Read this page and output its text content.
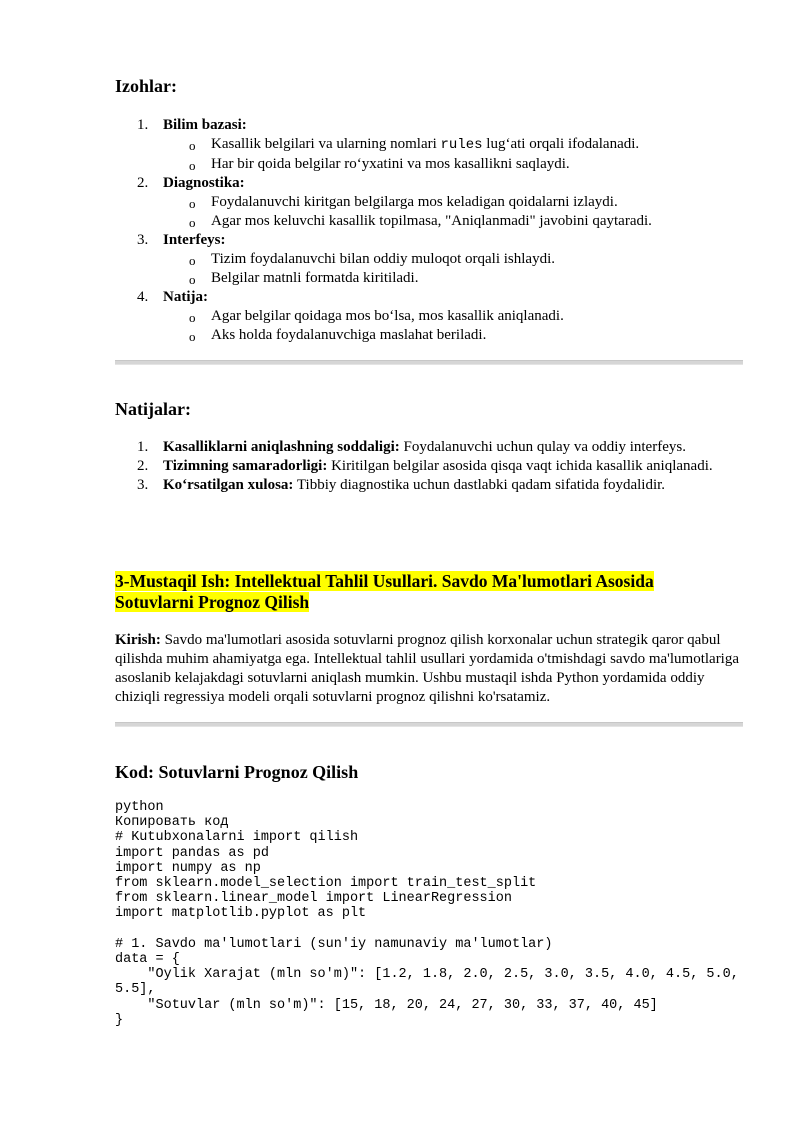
Izohlar:
1. Bilim bazasi:
o Kasallik belgilari va ularning nomlari rules lug‘ati orqali ifodalanadi.
o Har bir qoida belgilar ro‘yxatini va mos kasallikni saqlaydi.
2. Diagnostika:
o Foydalanuvchi kiritgan belgilarga mos keladigan qoidalarni izlaydi.
o Agar mos keluvchi kasallik topilmasa, "Aniqlanmadi" javobini qaytaradi.
3. Interfeys:
o Tizim foydalanuvchi bilan oddiy muloqot orqali ishlaydi.
o Belgilar matnli formatda kiritiladi.
4. Natija:
o Agar belgilar qoidaga mos bo‘lsa, mos kasallik aniqlanadi.
o Aks holda foydalanuvchiga maslahat beriladi.
Natijalar:
1. Kasalliklarni aniqlashning soddaligi: Foydalanuvchi uchun qulay va oddiy interfeys.
2. Tizimning samaradorligi: Kiritilgan belgilar asosida qisqa vaqt ichida kasallik aniqlanadi.
3. Ko‘rsatilgan xulosa: Tibbiy diagnostika uchun dastlabki qadam sifatida foydalidir.
3-Mustaqil Ish: Intellektual Tahlil Usullari. Savdo Ma'lumotlari Asosida
Sotuvlarni Prognoz Qilish

Kirish: Savdo ma'lumotlari asosida sotuvlarni prognoz qilish korxonalar uchun strategik qaror qabul qilishda muhim ahamiyatga ega. Intellektual tahlil usullari yordamida o'tmishdagi savdo ma'lumotlariga asoslanib kelajakdagi sotuvlarni aniqlash mumkin. Ushbu mustaqil ishda Python yordamida oddiy chiziqli regressiya modeli orqali sotuvlarni prognoz qilishni ko'rsatamiz.

Kod: Sotuvlarni Prognoz Qilish
python
Копировать код
# Kutubxonalarni import qilish
import pandas as pd
import numpy as np
from sklearn.model_selection import train_test_split
from sklearn.linear_model import LinearRegression
import matplotlib.pyplot as plt

# 1. Savdo ma'lumotlari (sun'iy namunaviy ma'lumotlar)
data = {
"Oylik Xarajat (mln so'm)": [1.2, 1.8, 2.0, 2.5, 3.0, 3.5, 4.0, 4.5, 5.0,
5.5],
"Sotuvlar (mln so'm)": [15, 18, 20, 24, 27, 30, 33, 37, 40, 45]
}
